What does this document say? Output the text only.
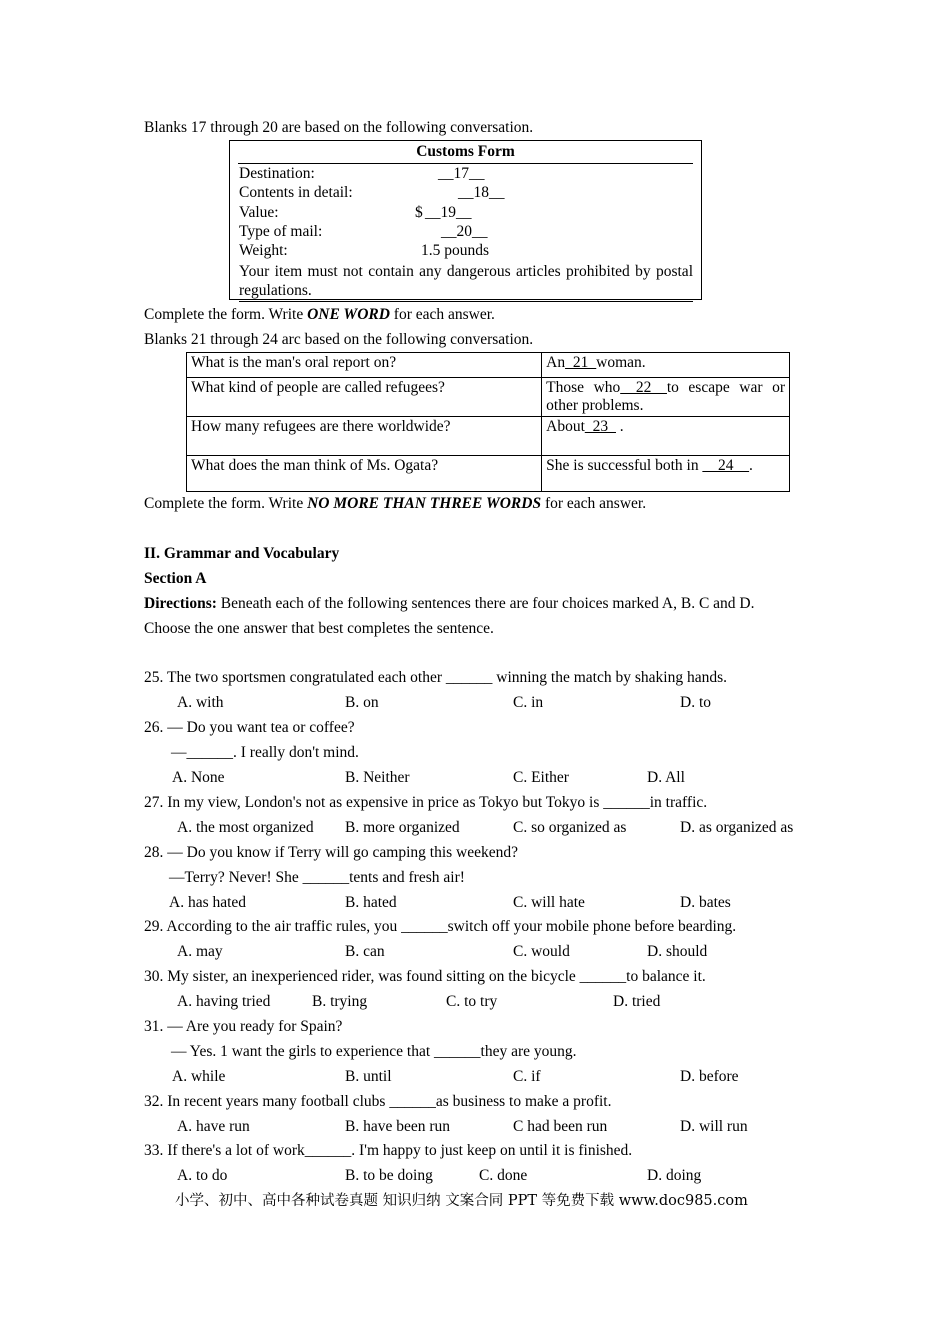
Blanks 17 through 20 are based on the following conversation.
Customs Form
Destination:	__17__
Contents in detail:	__18__
Value:	$ __19__
Type of mail:	__20__
Weight:	1.5 pounds
Your item must not contain any dangerous articles prohibited by postal regulations.
Complete the form. Write ONE WORD for each answer.
Blanks 21 through 24 arc based on the following conversation.
What is the man's oral report on?	An_21_woman.
What kind of people are called refugees?	Those who__22__to escape war or other problems.
How many refugees are there worldwide?	About_23_ .
What does the man think of Ms. Ogata?	She is successful both in __24__.
Complete the form. Write NO MORE THAN THREE WORDS for each answer.
II. Grammar and Vocabulary
Section A
Directions: Beneath each of the following sentences there are four choices marked A, B. C and D.
Choose the one answer that best completes the sentence.
25. The two sportsmen congratulated each other ______ winning the match by shaking hands.
A. with	B. on	C. in	D. to
26. — Do you want tea or coffee?
—______. I really don't mind.
A. None	B. Neither	C. Either	D. All
27. In my view, London's not as expensive in price as Tokyo but Tokyo is ______in traffic.
A. the most organized B. more organized	C. so organized as	D. as organized as
28. — Do you know if Terry will go camping this weekend?
—Terry? Never! She ______tents and fresh air!
A. has hated	B. hated	C. will hate	D. bates
29. According to the air traffic rules, you ______switch off your mobile phone before bearding.
A. may	B. can	C. would	D. should
30. My sister, an inexperienced rider, was found sitting on the bicycle ______to balance it.
A. having tried	B. trying	C. to try	D. tried
31. — Are you ready for Spain?
— Yes. 1 want the girls to experience that ______they are young.
A. while	B. until	C. if	D. before
32. In recent years many football clubs ______as business to make a profit.
A. have run	B. have been run	C had been run	D. will run
33. If there's a lot of work______. I'm happy to just keep on until it is finished.
A. to do	B. to be doing	C. done	D. doing
小学、初中、高中各种试卷真题 知识归纳 文案合同 PPT 等免费下载 www.doc985.com
